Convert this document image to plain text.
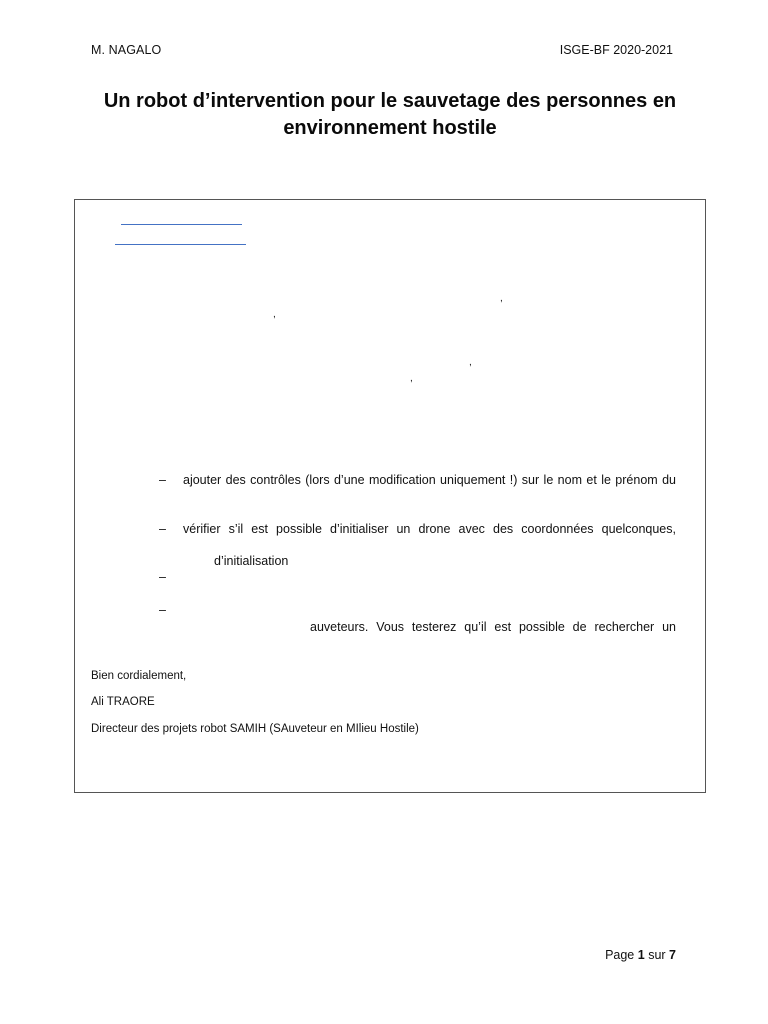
M. NAGALO	ISGE-BF 2020-2021
Un robot d’intervention pour le sauvetage des personnes en
environnement hostile
,
,
,
,
– ajouter des contrôles (lors d’une modification uniquement !) sur le nom et le prénom du
– vérifier s’il est possible d’initialiser un drone avec des coordonnées quelconques,
d’initialisation
–
–
auveteurs. Vous testerez qu’il est possible de rechercher un
Bien cordialement,
Ali TRAORE
Directeur des projets robot SAMIH (SAuveteur en MIlieu Hostile)
Page 1 sur 7
